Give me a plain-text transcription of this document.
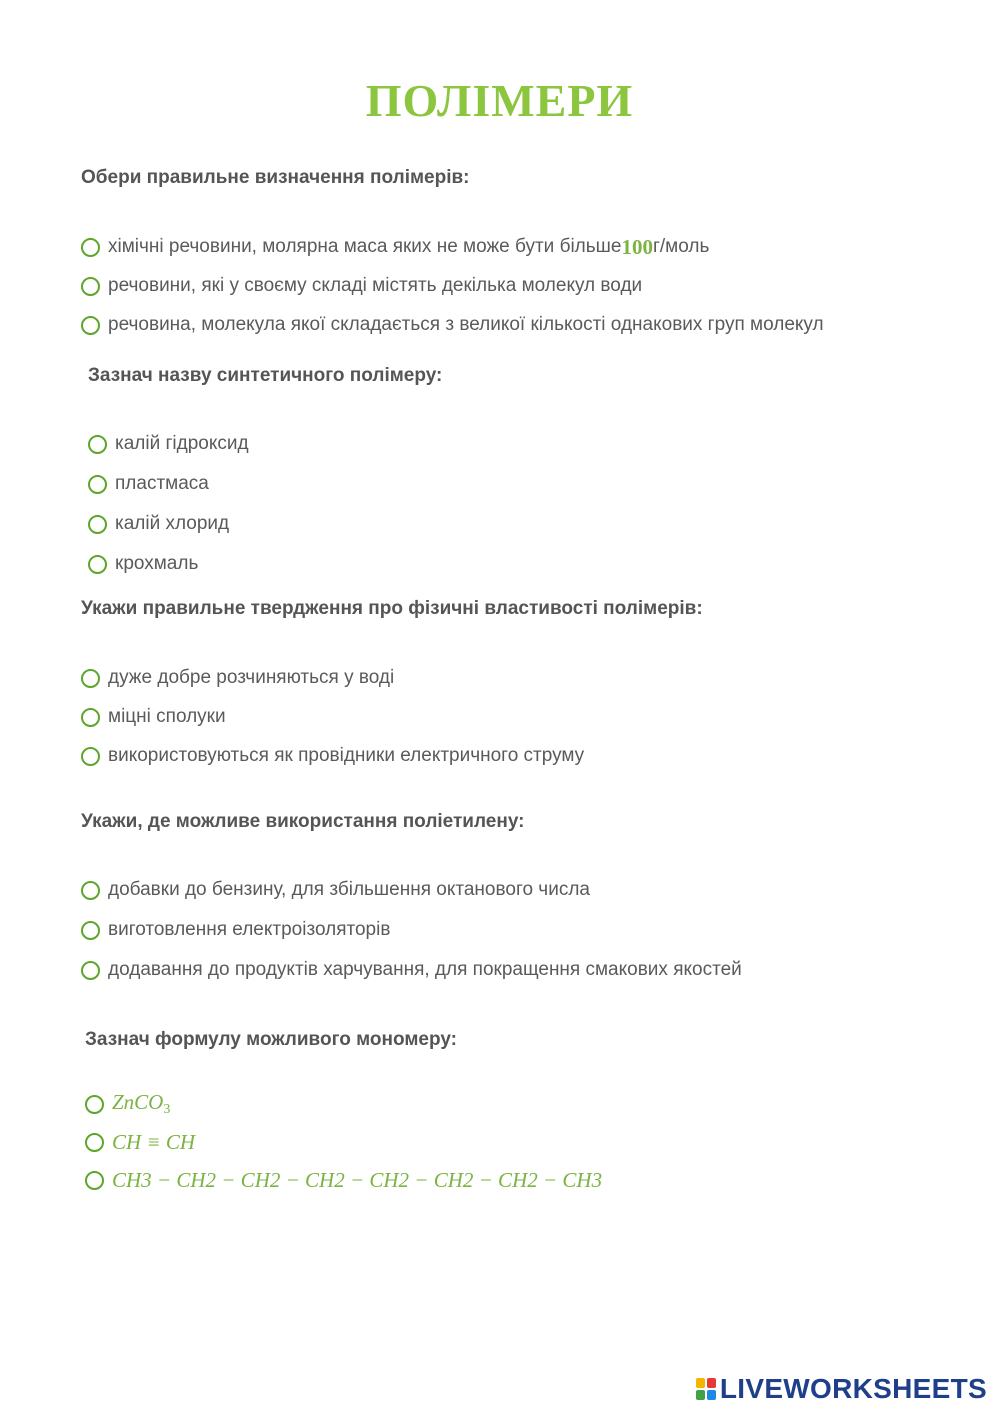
ПОЛІМЕРИ
Обери правильне визначення полімерів:
хімічні речовини, молярна маса яких не може бути більше 100 г/моль
речовини, які у своєму складі містять декілька молекул води
речовина, молекула якої складається з великої кількості однакових груп молекул
Зазнач назву синтетичного полімеру:
калій гідроксид
пластмаса
калій хлорид
крохмаль
Укажи правильне твердження про фізичні властивості полімерів:
дуже добре розчиняються у воді
міцні сполуки
використовуються як провідники електричного струму
Укажи, де можливе використання поліетилену:
добавки до бензину, для збільшення октанового числа
виготовлення електроізоляторів
додавання до продуктів харчування, для покращення смакових якостей
Зазнач формулу можливого мономеру:
ZnCO$_3$
CH ≡ CH
CH3 − CH2 − CH2 − CH2 − CH2 − CH2 − CH2 − CH3
LIVEWORKSHEETS
